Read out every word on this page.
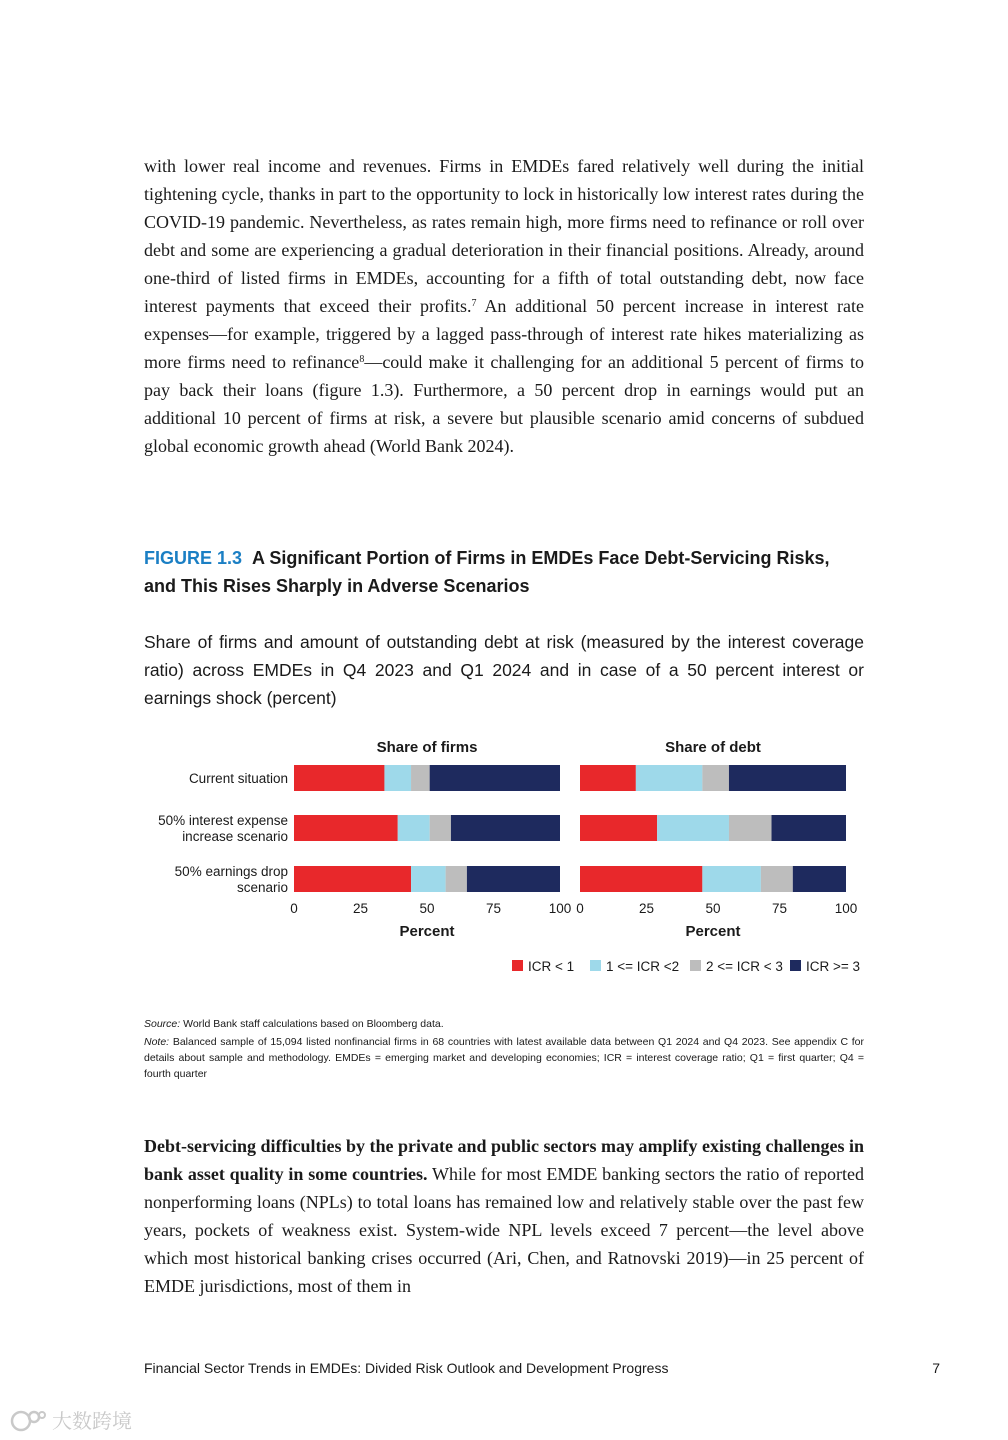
with lower real income and revenues. Firms in EMDEs fared relatively well during the initial tightening cycle, thanks in part to the opportunity to lock in historically low interest rates during the COVID-19 pandemic. Nevertheless, as rates remain high, more firms need to refinance or roll over debt and some are experiencing a gradual deterioration in their financial positions. Already, around one-third of listed firms in EMDEs, accounting for a fifth of total outstanding debt, now face interest payments that exceed their profits.$^7$ An additional 50 percent increase in interest rate expenses—for example, triggered by a lagged pass-through of interest rate hikes materializing as more firms need to refinance$^8$—could make it challenging for an additional 5 percent of firms to pay back their loans (figure 1.3). Furthermore, a 50 percent drop in earnings would put an additional 10 percent of firms at risk, a severe but plausible scenario amid concerns of subdued global economic growth ahead (World Bank 2024).
FIGURE 1.3 A Significant Portion of Firms in EMDEs Face Debt-Servicing Risks, and This Rises Sharply in Adverse Scenarios
Share of firms and amount of outstanding debt at risk (measured by the interest coverage ratio) across EMDEs in Q4 2023 and Q1 2024 and in case of a 50 percent interest or earnings shock (percent)
Current situation
50% interest expense
increase scenario
50% earnings drop
scenario
Share of firms
0	25	50	75	100
Percent
Share of debt
0	25	50	75	100
Percent
ICR < 1 1 <= ICR <2 2 <= ICR < 3 ICR >= 3

Source: World Bank staff calculations based on Bloomberg data.

Note: Balanced sample of 15,094 listed nonfinancial firms in 68 countries with latest available data between Q1 2024 and Q4 2023. See appendix C for details about sample and methodology. EMDEs = emerging market and developing economies; ICR = interest coverage ratio; Q1 = first quarter; Q4 = fourth quarter

Debt-servicing difficulties by the private and public sectors may amplify existing challenges in bank asset quality in some countries. While for most EMDE banking sectors the ratio of reported nonperforming loans (NPLs) to total loans has remained low and relatively stable over the past few years, pockets of weakness exist. System-wide NPL levels exceed 7 percent—the level above which most historical banking crises occurred (Ari, Chen, and Ratnovski 2019)—in 25 percent of EMDE jurisdictions, most of them in
Financial Sector Trends in EMDEs: Divided Risk Outlook and Development Progress	7
大数跨境
